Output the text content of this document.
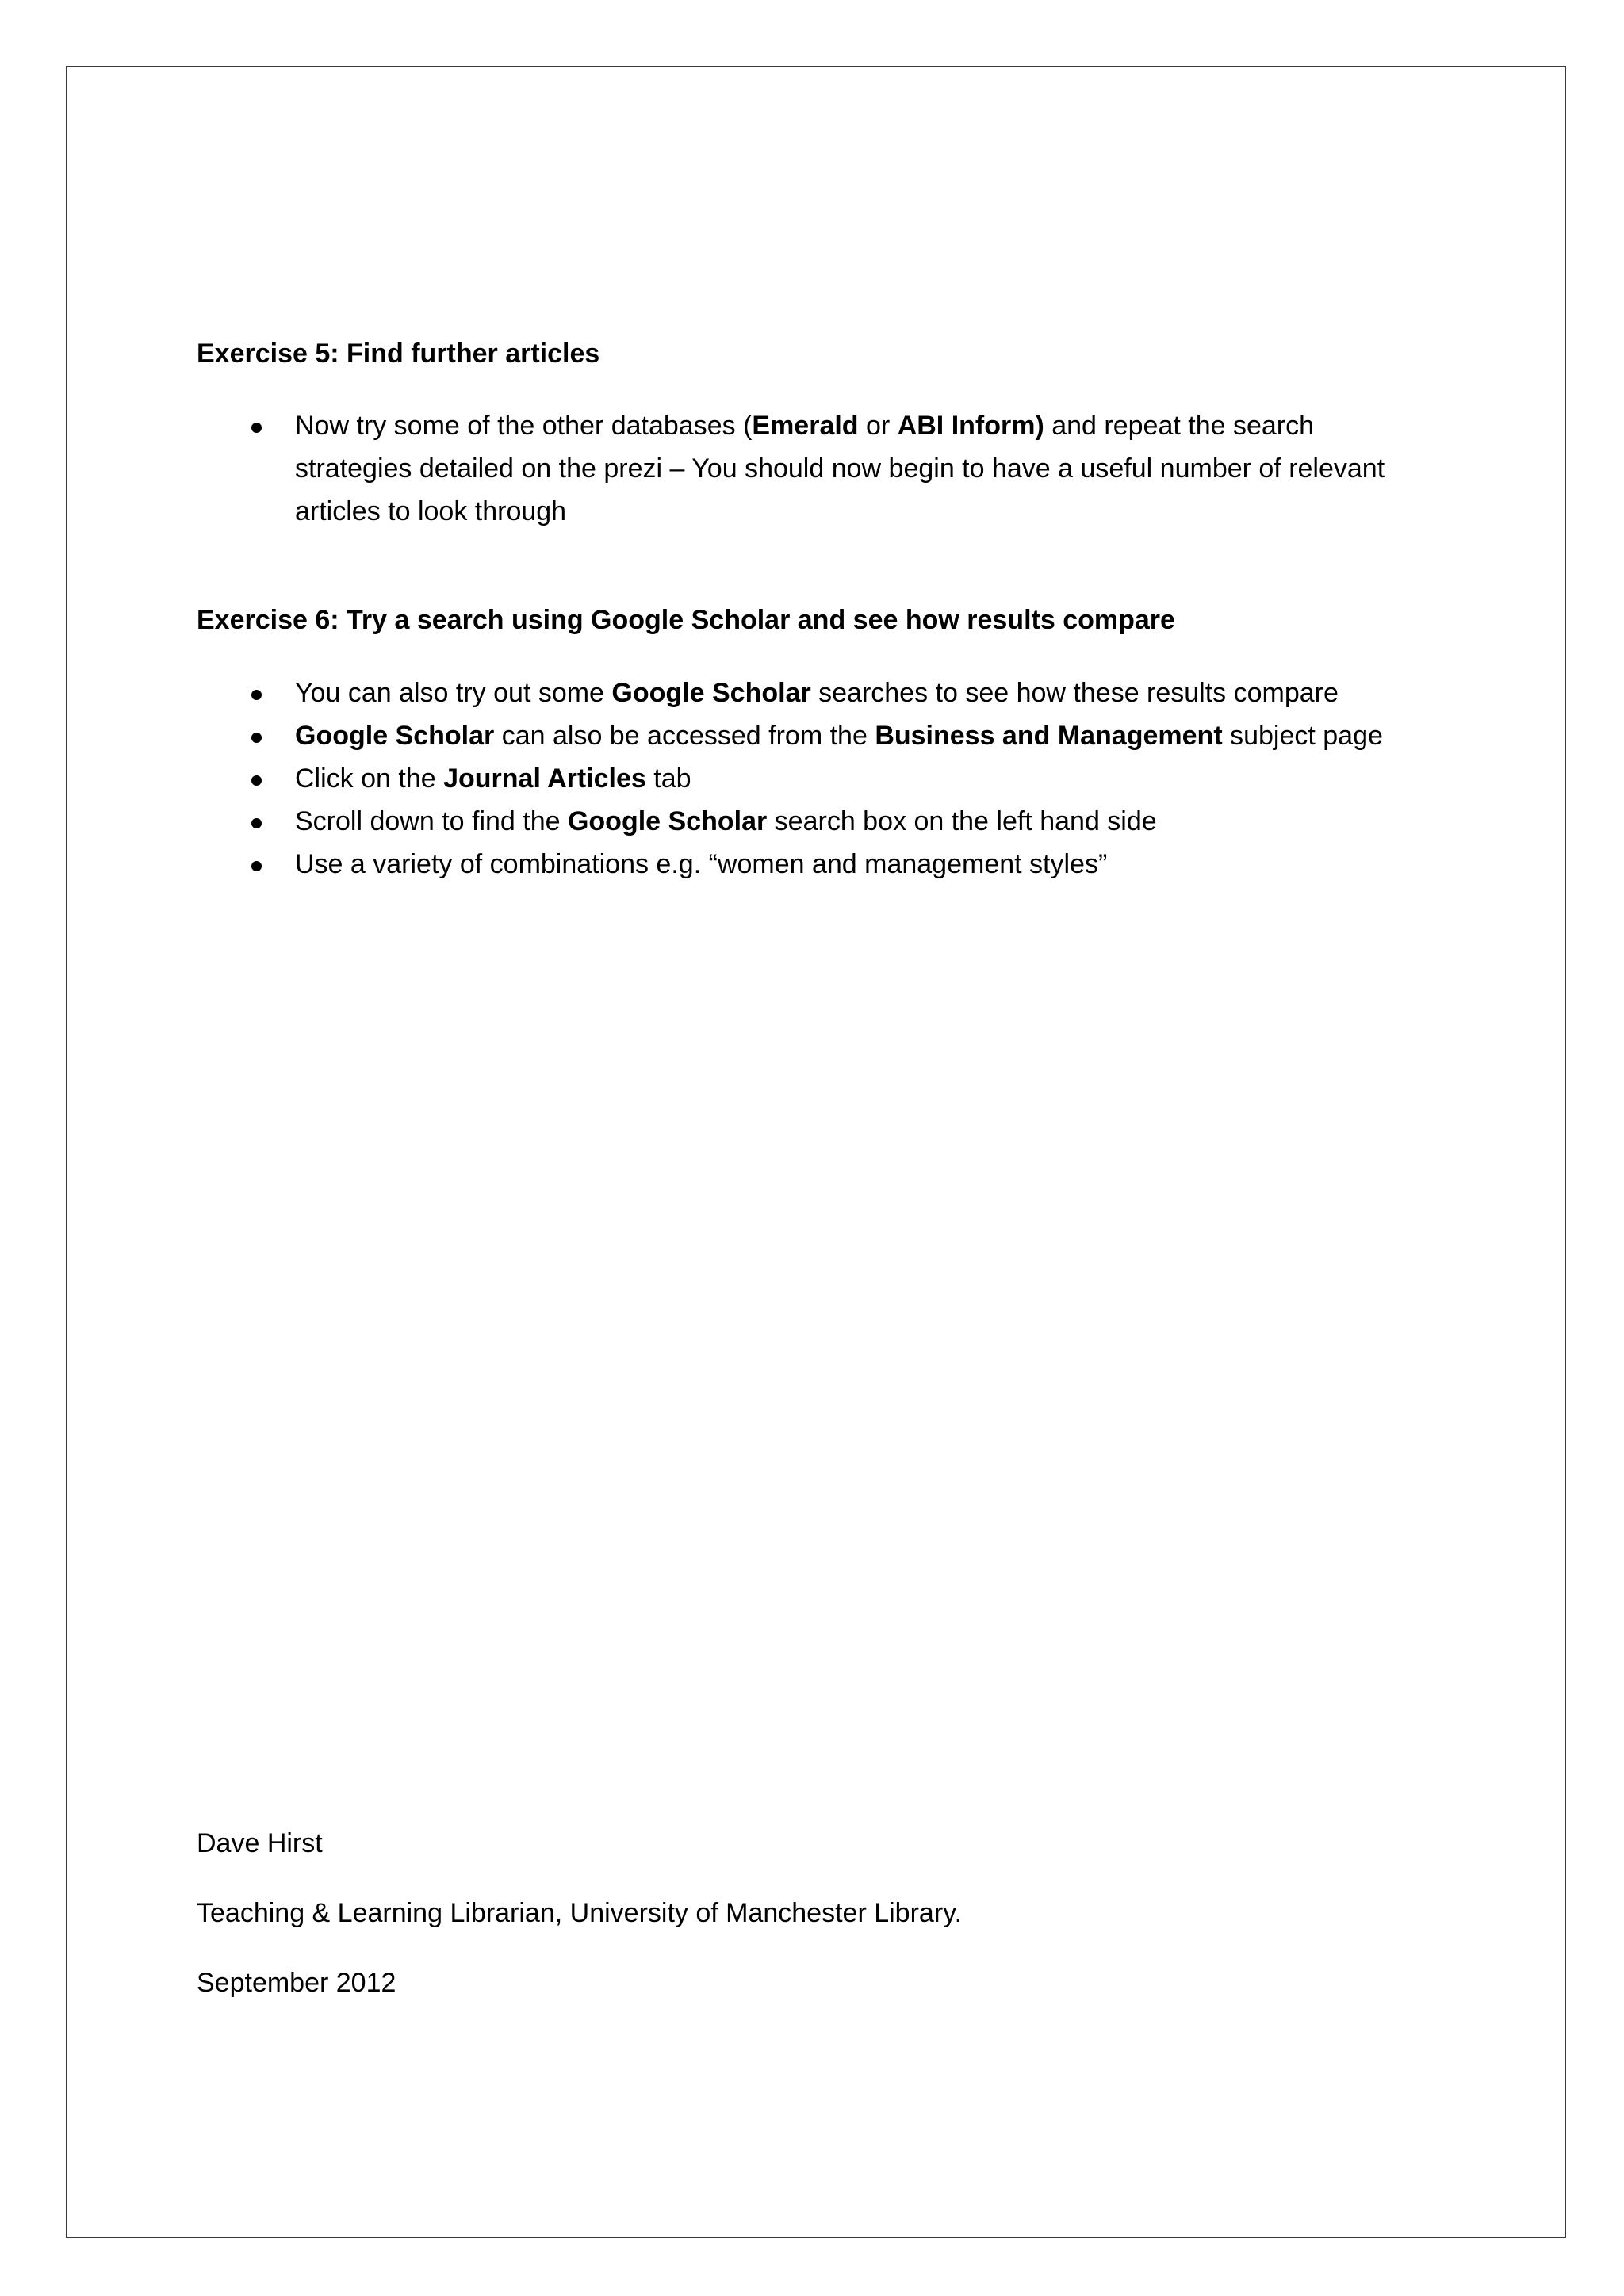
Exercise 5: Find further articles
Now try some of the other databases (Emerald or ABI Inform) and repeat the search
strategies detailed on the prezi – You should now begin to have a useful number of relevant
articles to look through
Exercise 6: Try a search using Google Scholar and see how results compare
You can also try out some Google Scholar searches to see how these results compare
Google Scholar can also be accessed from the Business and Management subject page
Click on the Journal Articles tab
Scroll down to find the Google Scholar search box on the left hand side
Use a variety of combinations e.g. “women and management styles”

Dave Hirst

Teaching & Learning Librarian, University of Manchester Library.

September 2012
